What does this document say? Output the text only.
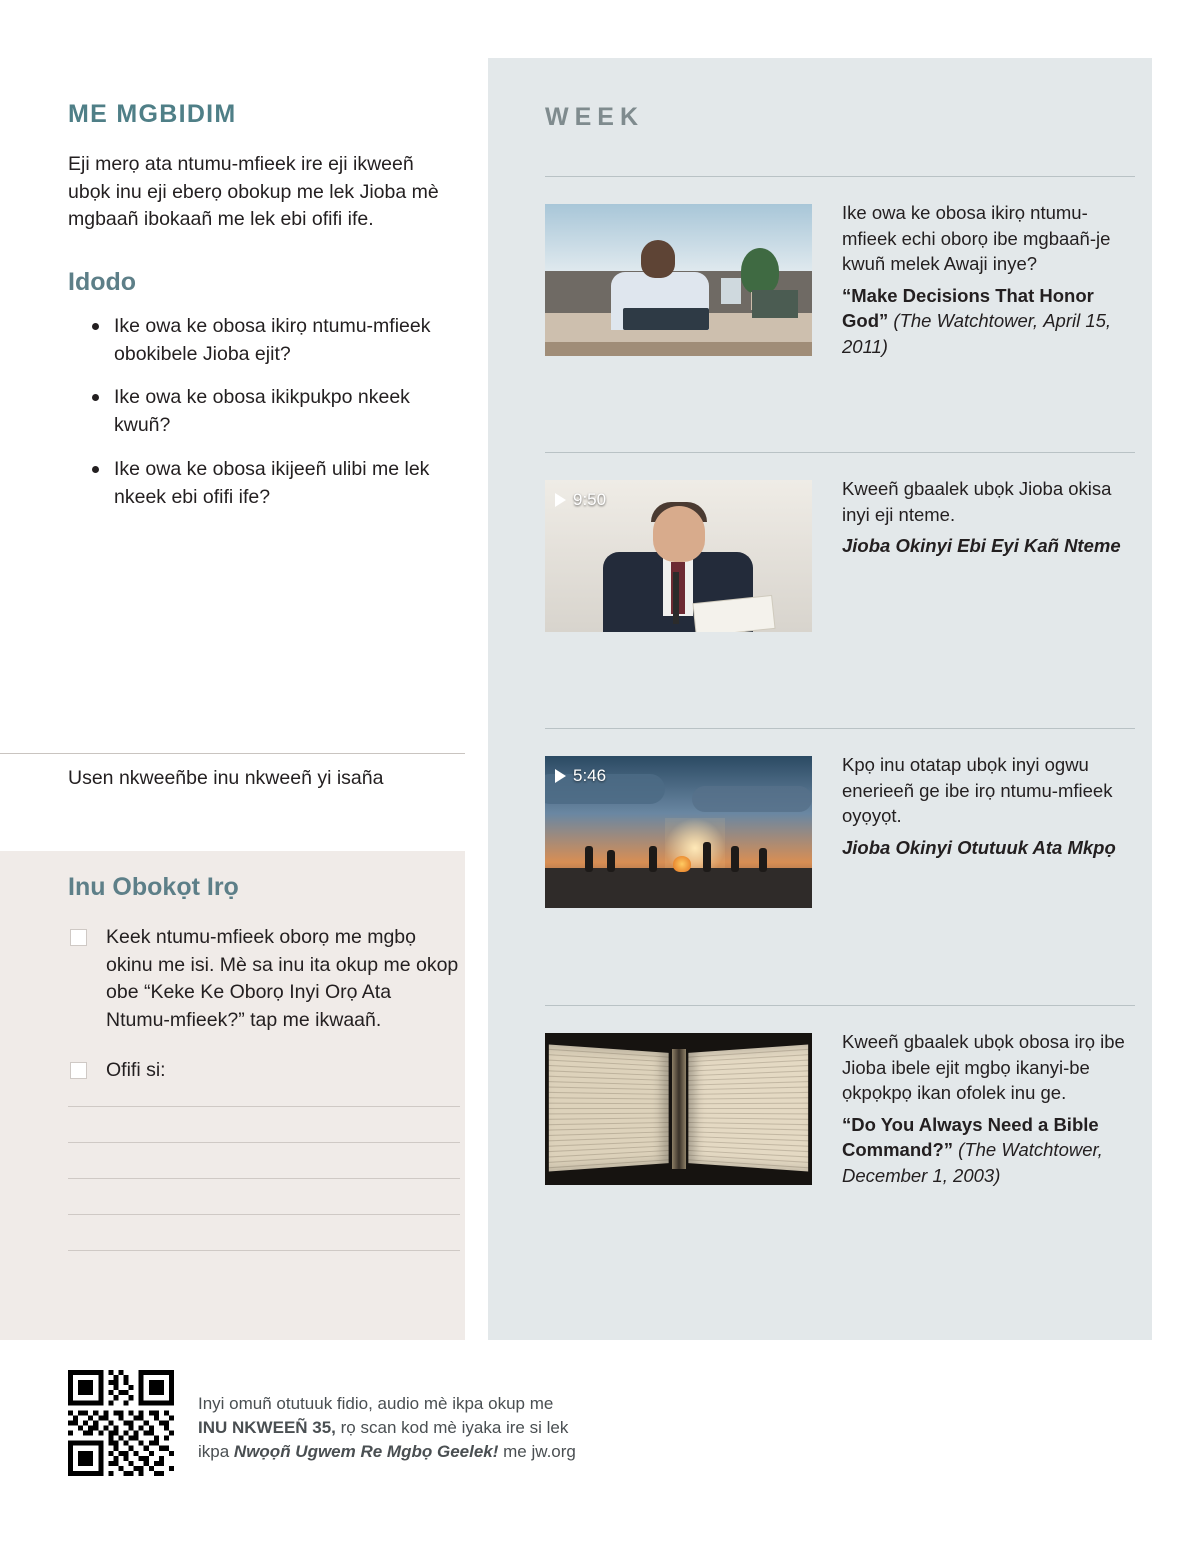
ME MGBIDIM

Eji merọ ata ntumu-mfieek ire eji ikweeñ ubọk inu eji eberọ obokup me lek Jioba mè mgbaañ ibokaañ me lek ebi ofifi ife.

Idodo
Ike owa ke obosa ikirọ ntumu-mfieek obokibele Jioba ejit?
Ike owa ke obosa ikikpukpo nkeek kwuñ?
Ike owa ke obosa ikijeeñ ulibi me lek nkeek ebi ofifi ife?
Usen nkweeñbe inu nkweeñ yi isaña
Inu Obokọt Irọ
Keek ntumu-mfieek oborọ me mgbọ okinu me isi. Mè sa inu ita okup me okop obe “Keke Ke Oborọ Inyi Orọ Ata Ntumu-mfieek?” tap me ikwaañ.
Ofifi si:
WEEK

Ike owa ke obosa ikirọ ntumu-mfieek echi oborọ ibe mgbaañ-je kwuñ melek Awaji inye?

“Make Decisions That Honor God” (The Watchtower, April 15, 2011)

9:50

Kweeñ gbaalek ubọk Jioba okisa inyi eji nteme.

Jioba Okinyi Ebi Eyi Kañ Nteme

5:46

Kpọ inu otatap ubọk inyi ogwu enerieeñ ge ibe irọ ntumu-mfieek oyọyọt.

Jioba Okinyi Otutuuk Ata Mkpọ

Kweeñ gbaalek ubọk obosa irọ ibe Jioba ibele ejit mgbọ ikanyi-be ọkpọkpọ ikan ofolek inu ge.

“Do You Always Need a Bible Command?” (The Watchtower, December 1, 2003)

Inyi omuñ otutuuk fidio, audio mè ikpa okup me
INU NKWEEÑ 35, rọ scan kod mè iyaka ire si lek
ikpa Nwọọñ Ugwem Re Mgbọ Geelek! me jw.org
